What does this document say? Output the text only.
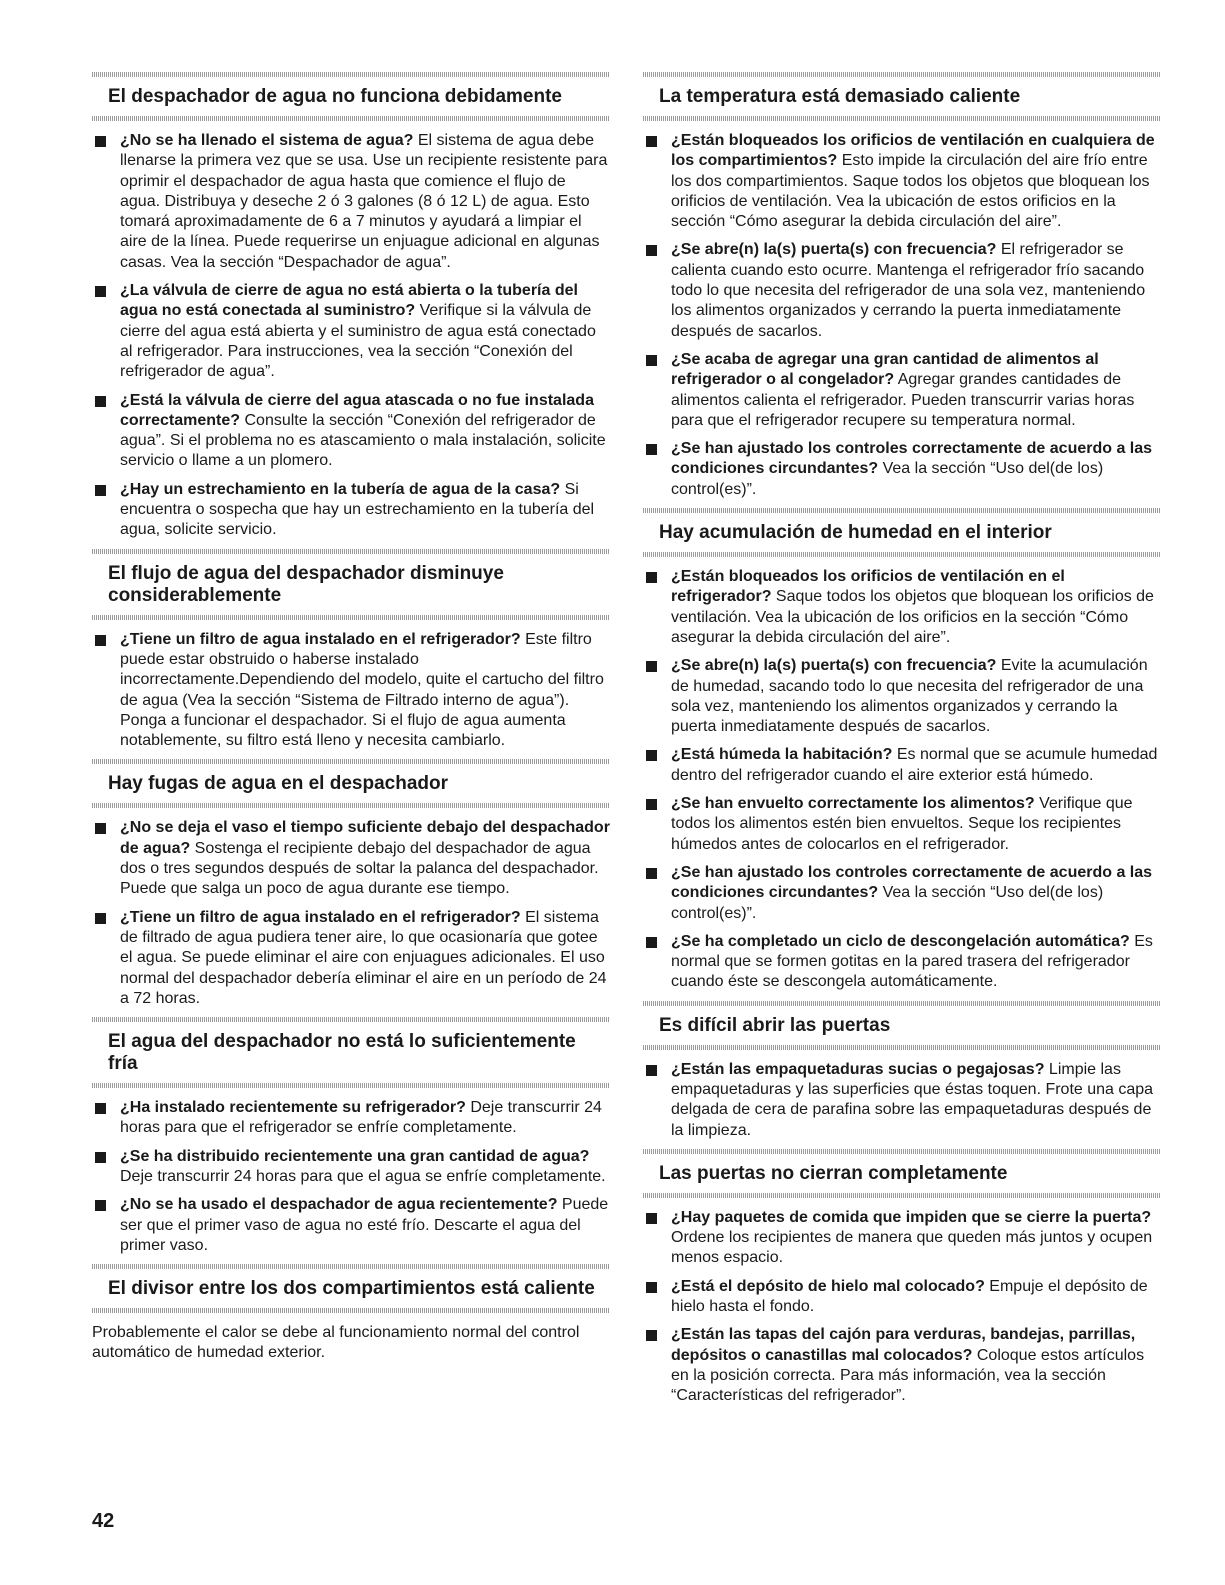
El despachador de agua no funciona debidamente

¿No se ha llenado el sistema de agua? El sistema de agua debe llenarse la primera vez que se usa. Use un recipiente resistente para oprimir el despachador de agua hasta que comience el flujo de agua. Distribuya y deseche 2 ó 3 galones (8 ó 12 L) de agua. Esto tomará aproximadamente de 6 a 7 minutos y ayudará a limpiar el aire de la línea. Puede requerirse un enjuague adicional en algunas casas. Vea la sección “Despachador de agua”.

¿La válvula de cierre de agua no está abierta o la tubería del agua no está conectada al suministro? Verifique si la válvula de cierre del agua está abierta y el suministro de agua está conectado al refrigerador. Para instrucciones, vea la sección “Conexión del refrigerador de agua”.

¿Está la válvula de cierre del agua atascada o no fue instalada correctamente? Consulte la sección “Conexión del refrigerador de agua”. Si el problema no es atascamiento o mala instalación, solicite servicio o llame a un plomero.

¿Hay un estrechamiento en la tubería de agua de la casa? Si encuentra o sospecha que hay un estrechamiento en la tubería del agua, solicite servicio.

El flujo de agua del despachador disminuye considerablemente

¿Tiene un filtro de agua instalado en el refrigerador? Este filtro puede estar obstruido o haberse instalado incorrectamente.Dependiendo del modelo, quite el cartucho del filtro de agua (Vea la sección “Sistema de Filtrado interno de agua”). Ponga a funcionar el despachador. Si el flujo de agua aumenta notablemente, su filtro está lleno y necesita cambiarlo.

Hay fugas de agua en el despachador

¿No se deja el vaso el tiempo suficiente debajo del despachador de agua? Sostenga el recipiente debajo del despachador de agua dos o tres segundos después de soltar la palanca del despachador. Puede que salga un poco de agua durante ese tiempo.

¿Tiene un filtro de agua instalado en el refrigerador? El sistema de filtrado de agua pudiera tener aire, lo que ocasionaría que gotee el agua. Se puede eliminar el aire con enjuagues adicionales. El uso normal del despachador debería eliminar el aire en un período de 24 a 72 horas.

El agua del despachador no está lo suficientemente fría

¿Ha instalado recientemente su refrigerador? Deje transcurrir 24 horas para que el refrigerador se enfríe completamente.

¿Se ha distribuido recientemente una gran cantidad de agua? Deje transcurrir 24 horas para que el agua se enfríe completamente.

¿No se ha usado el despachador de agua recientemente? Puede ser que el primer vaso de agua no esté frío. Descarte el agua del primer vaso.

El divisor entre los dos compartimientos está caliente

Probablemente el calor se debe al funcionamiento normal del control automático de humedad exterior.

La temperatura está demasiado caliente

¿Están bloqueados los orificios de ventilación en cualquiera de los compartimientos? Esto impide la circulación del aire frío entre los dos compartimientos. Saque todos los objetos que bloquean los orificios de ventilación. Vea la ubicación de estos orificios en la sección “Cómo asegurar la debida circulación del aire”.

¿Se abre(n) la(s) puerta(s) con frecuencia? El refrigerador se calienta cuando esto ocurre. Mantenga el refrigerador frío sacando todo lo que necesita del refrigerador de una sola vez, manteniendo los alimentos organizados y cerrando la puerta inmediatamente después de sacarlos.

¿Se acaba de agregar una gran cantidad de alimentos al refrigerador o al congelador? Agregar grandes cantidades de alimentos calienta el refrigerador. Pueden transcurrir varias horas para que el refrigerador recupere su temperatura normal.

¿Se han ajustado los controles correctamente de acuerdo a las condiciones circundantes? Vea la sección “Uso del(de los) control(es)”.

Hay acumulación de humedad en el interior

¿Están bloqueados los orificios de ventilación en el refrigerador? Saque todos los objetos que bloquean los orificios de ventilación. Vea la ubicación de los orificios en la sección “Cómo asegurar la debida circulación del aire”.

¿Se abre(n) la(s) puerta(s) con frecuencia? Evite la acumulación de humedad, sacando todo lo que necesita del refrigerador de una sola vez, manteniendo los alimentos organizados y cerrando la puerta inmediatamente después de sacarlos.

¿Está húmeda la habitación? Es normal que se acumule humedad dentro del refrigerador cuando el aire exterior está húmedo.

¿Se han envuelto correctamente los alimentos? Verifique que todos los alimentos estén bien envueltos. Seque los recipientes húmedos antes de colocarlos en el refrigerador.

¿Se han ajustado los controles correctamente de acuerdo a las condiciones circundantes? Vea la sección “Uso del(de los) control(es)”.

¿Se ha completado un ciclo de descongelación automática? Es normal que se formen gotitas en la pared trasera del refrigerador cuando éste se descongela automáticamente.

Es difícil abrir las puertas

¿Están las empaquetaduras sucias o pegajosas? Limpie las empaquetaduras y las superficies que éstas toquen. Frote una capa delgada de cera de parafina sobre las empaquetaduras después de la limpieza.

Las puertas no cierran completamente

¿Hay paquetes de comida que impiden que se cierre la puerta? Ordene los recipientes de manera que queden más juntos y ocupen menos espacio.

¿Está el depósito de hielo mal colocado? Empuje el depósito de hielo hasta el fondo.

¿Están las tapas del cajón para verduras, bandejas, parrillas, depósitos o canastillas mal colocados? Coloque estos artículos en la posición correcta. Para más información, vea la sección “Características del refrigerador”.

42
